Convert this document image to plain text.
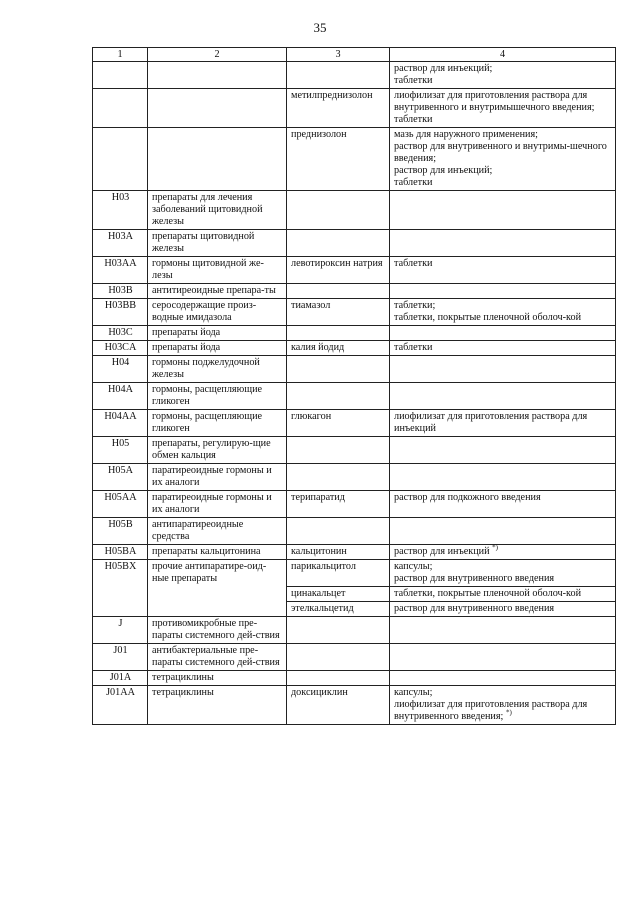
35
1	2	3	4

			раствор для инъекций;
таблетки

		метилпреднизолон	лиофилизат для приготовления раствора для внутривенного и внутримышечного введения;
таблетки

		преднизолон	мазь для наружного применения;
раствор для внутривенного и внутримы-шечного введения;
раствор для инъекций;
таблетки

H03	препараты для лечения заболеваний щитовидной железы		
H03A	препараты щитовидной железы		
H03AA	гормоны щитовидной же-лезы	левотироксин натрия	таблетки

H03B	антитиреоидные препара-ты		
H03BB	серосодержащие произ-водные имидазола	тиамазол	таблетки;
таблетки, покрытые пленочной оболоч-кой

H03C	препараты йода		
H03CA	препараты йода	калия йодид	таблетки

H04	гормоны поджелудочной железы		
H04A	гормоны, расщепляющие гликоген		
H04AA	гормоны, расщепляющие гликоген	глюкагон	лиофилизат для приготовления раствора для инъекций

H05	препараты, регулирую-щие обмен кальция		
H05A	паратиреоидные гормоны и их аналоги		
H05AA	паратиреоидные гормоны и их аналоги	терипаратид	раствор для подкожного введения

H05B	антипаратиреоидные средства		
H05BA	препараты кальцитонина	кальцитонин	раствор для инъекций *)

H05BX	прочие антипаратире-оид-ные препараты	парикальцитол	капсулы;
раствор для внутривенного введения

		цинакальцет	таблетки, покрытые пленочной оболоч-кой

		этелкальцетид	раствор для внутривенного введения

J	противомикробные пре-параты системного дей-ствия		
J01	антибактериальные пре-параты системного дей-ствия		
J01A	тетрациклины		
J01AA	тетрациклины	доксициклин	капсулы;
лиофилизат для приготовления раствора для внутривенного введения; *)
